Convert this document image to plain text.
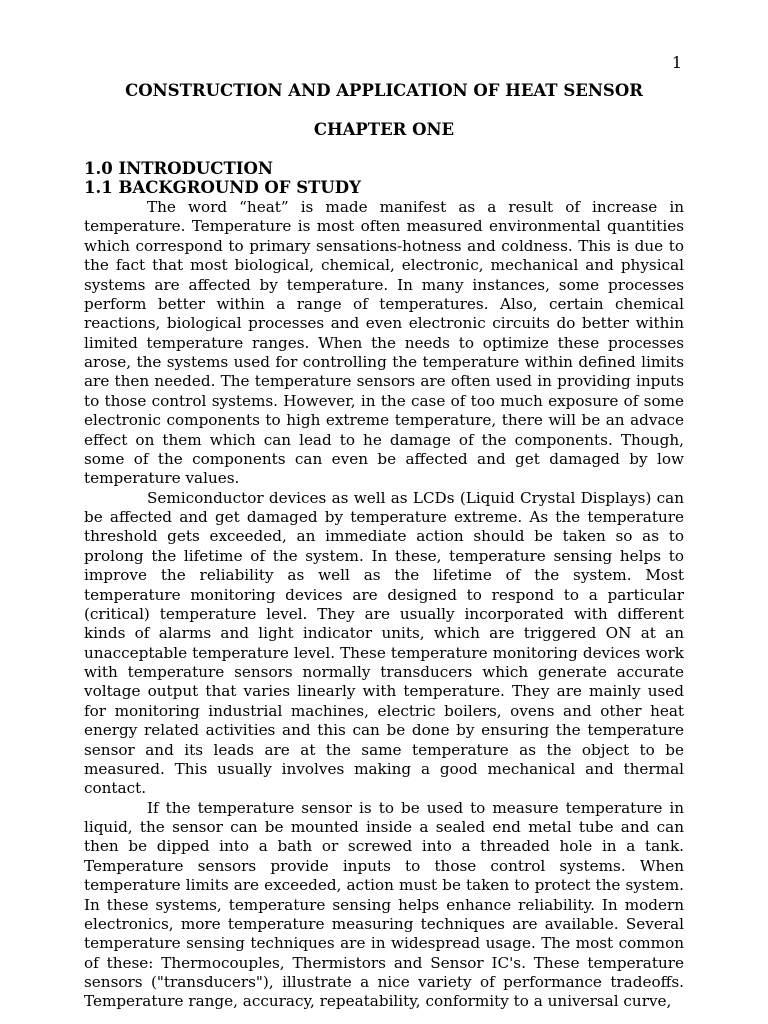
1
CONSTRUCTION AND APPLICATION OF HEAT SENSOR
CHAPTER ONE
1.0 INTRODUCTION
1.1 BACKGROUND OF STUDY

The word “heat” is made manifest as a result of increase in temperature. Temperature is most often measured environmental quantities which correspond to primary sensations-hotness and coldness. This is due to the fact that most biological, chemical, electronic, mechanical and physical systems are affected by temperature. In many instances, some processes perform better within a range of temperatures. Also, certain chemical reactions, biological processes and even electronic circuits do better within limited temperature ranges. When the needs to optimize these processes arose, the systems used for controlling the temperature within defined limits are then needed. The temperature sensors are often used in providing inputs to those control systems. However, in the case of too much exposure of some electronic components to high extreme temperature, there will be an advace effect on them which can lead to he damage of the components. Though, some of the components can even be affected and get damaged by low temperature values.

Semiconductor devices as well as LCDs (Liquid Crystal Displays) can be affected and get damaged by temperature extreme. As the temperature threshold gets exceeded, an immediate action should be taken so as to prolong the lifetime of the system. In these, temperature sensing helps to improve the reliability as well as the lifetime of the system. Most temperature monitoring devices are designed to respond to a particular (critical) temperature level. They are usually incorporated with different kinds of alarms and light indicator units, which are triggered ON at an unacceptable temperature level. These temperature monitoring devices work with temperature sensors normally transducers which generate accurate voltage output that varies linearly with temperature. They are mainly used for monitoring industrial machines, electric boilers, ovens and other heat energy related activities and this can be done by ensuring the temperature sensor and its leads are at the same temperature as the object to be measured. This usually involves making a good mechanical and thermal contact.

If the temperature sensor is to be used to measure temperature in liquid, the sensor can be mounted inside a sealed end metal tube and can then be dipped into a bath or screwed into a threaded hole in a tank. Temperature sensors provide inputs to those control systems. When temperature limits are exceeded, action must be taken to protect the system. In these systems, temperature sensing helps enhance reliability. In modern electronics, more temperature measuring techniques are available. Several temperature sensing techniques are in widespread usage. The most common of these: Thermocouples, Thermistors and Sensor IC's. These temperature sensors ("transducers"), illustrate a nice variety of performance tradeoffs. Temperature range, accuracy, repeatability, conformity to a universal curve,
